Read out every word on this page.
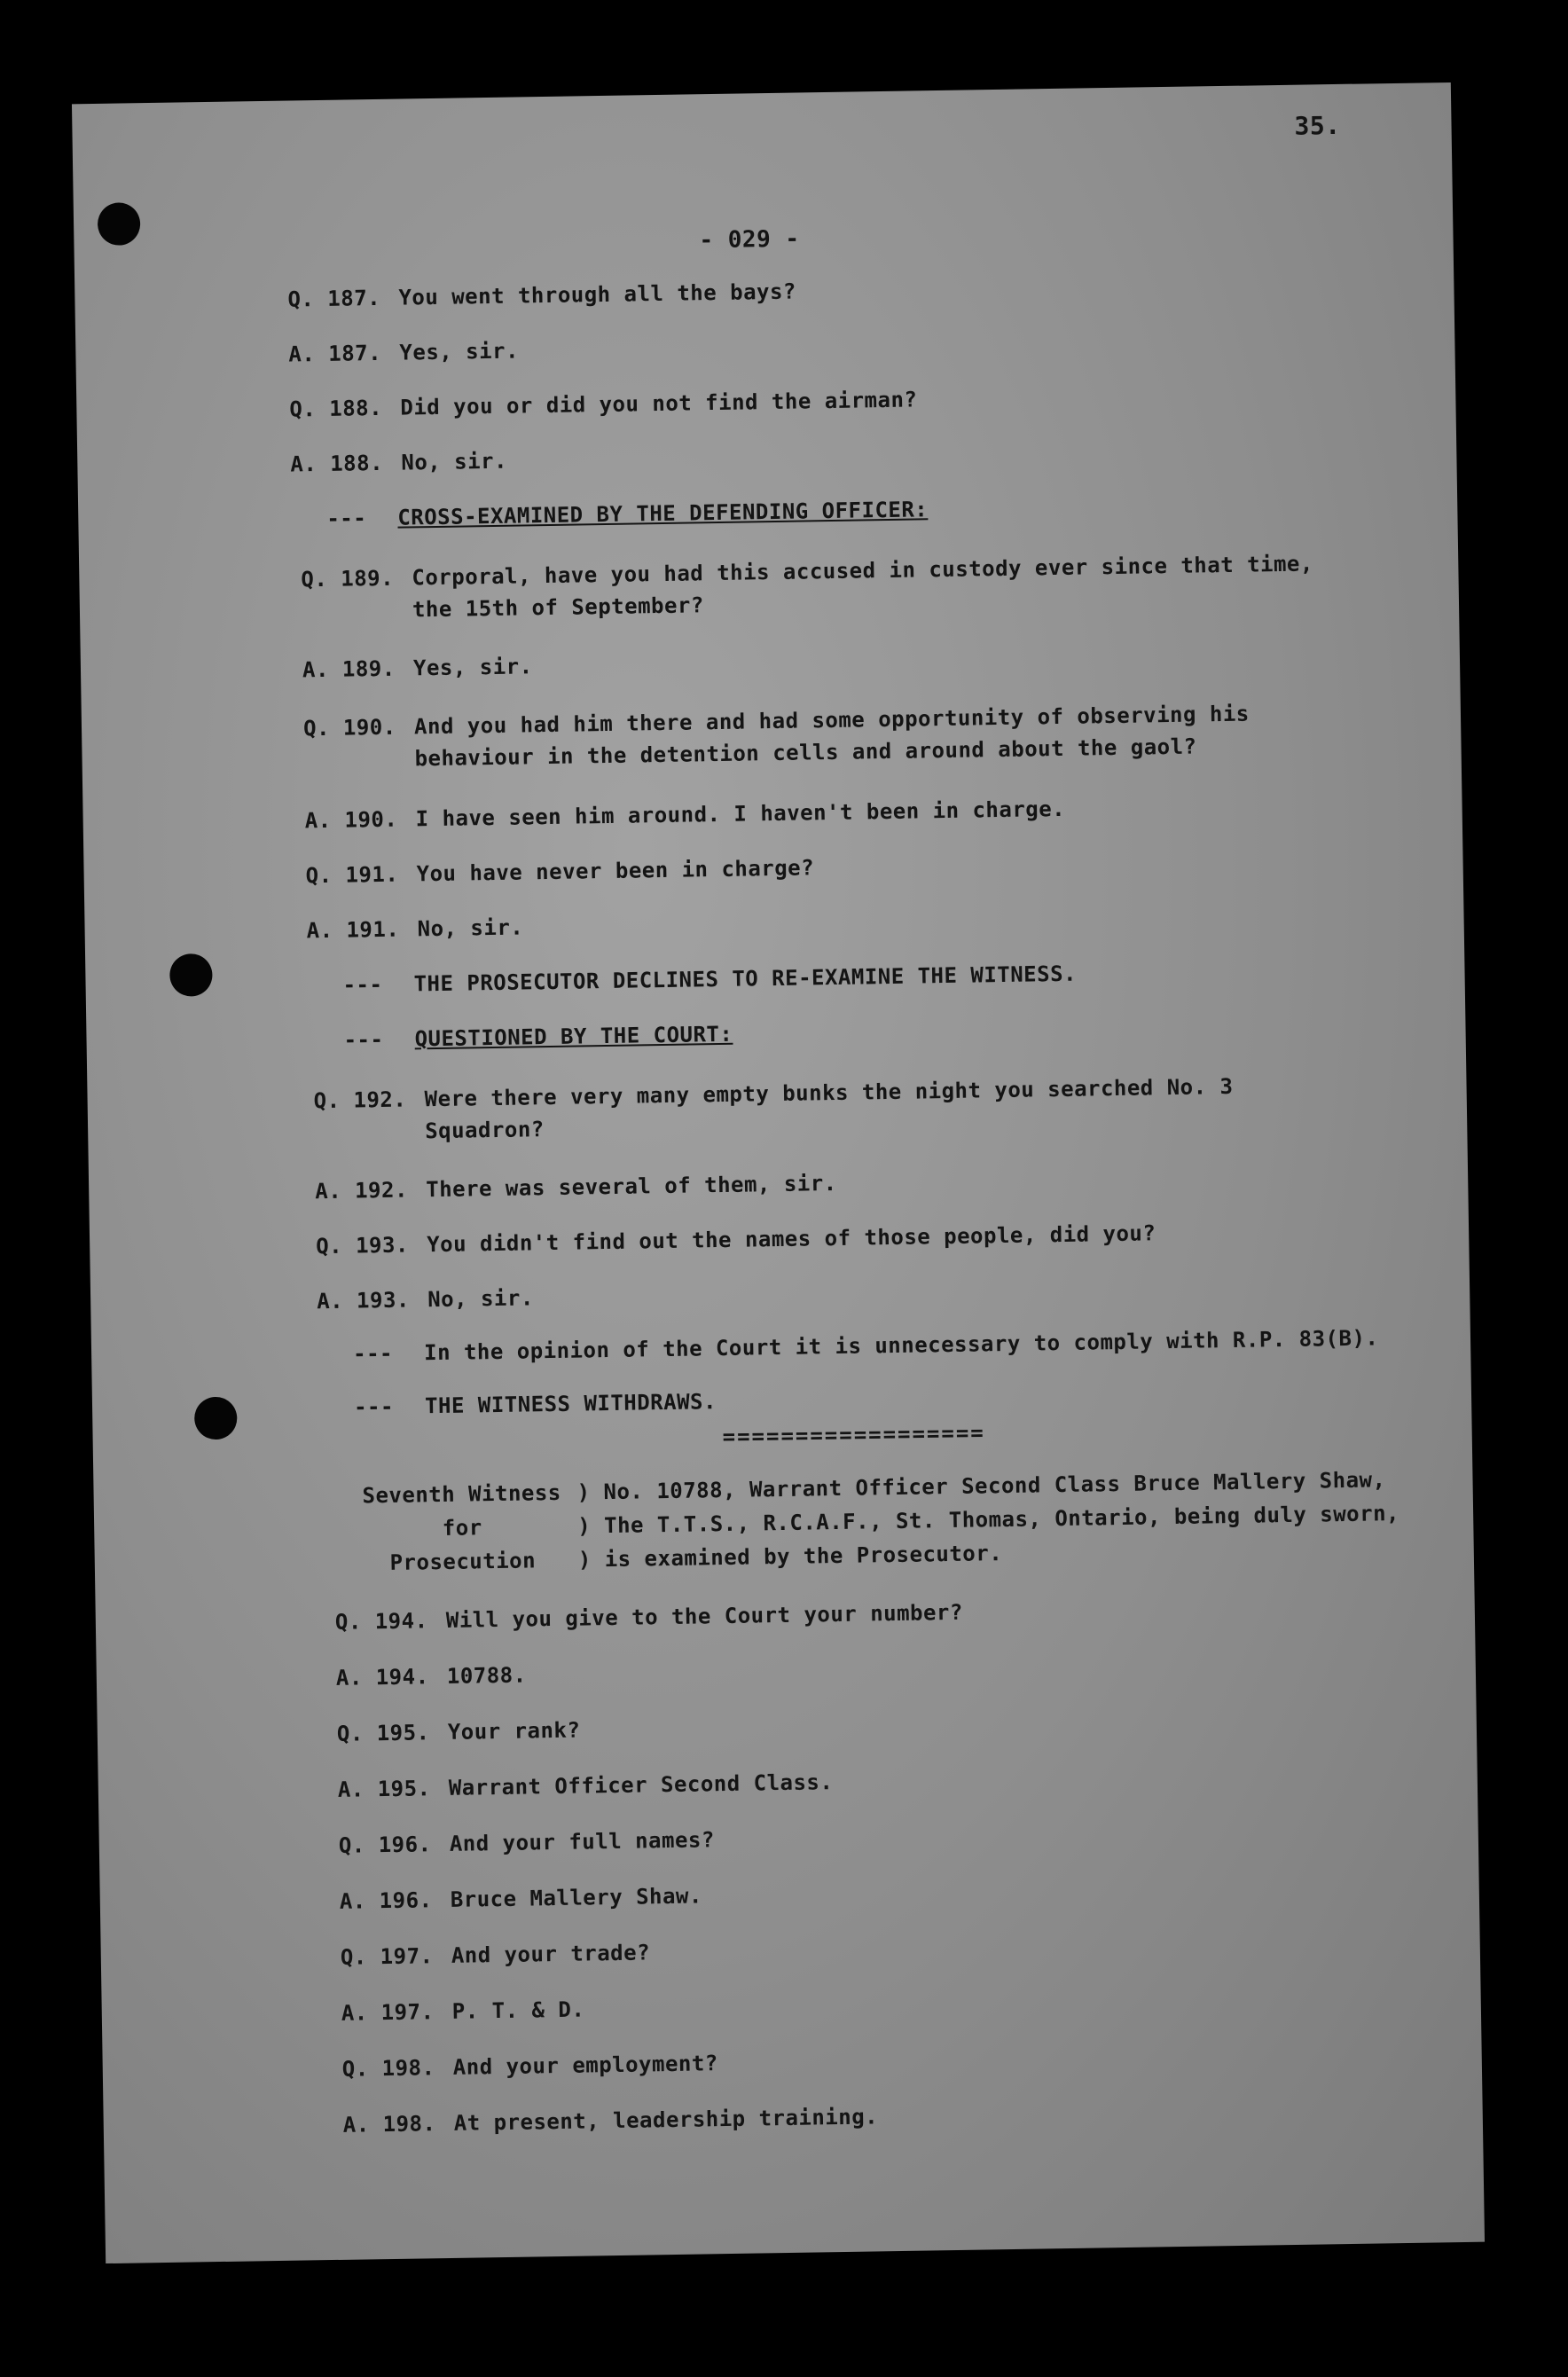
35.
- 029 -
Q. 187. You went through all the bays?
A. 187. Yes, sir.
Q. 188. Did you or did you not find the airman?
A. 188. No, sir.
--- CROSS-EXAMINED BY THE DEFENDING OFFICER:
Q. 189. Corporal, have you had this accused in custody ever since that time,
the 15th of September?
A. 189. Yes, sir.
Q. 190. And you had him there and had some opportunity of observing his
behaviour in the detention cells and around about the gaol?
A. 190. I have seen him around. I haven't been in charge.
Q. 191. You have never been in charge?
A. 191. No, sir.
--- THE PROSECUTOR DECLINES TO RE-EXAMINE THE WITNESS.
--- QUESTIONED BY THE COURT:
Q. 192. Were there very many empty bunks the night you searched No. 3
Squadron?
A. 192. There was several of them, sir.
Q. 193. You didn't find out the names of those people, did you?
A. 193. No, sir.
--- In the opinion of the Court it is unnecessary to comply with R.P. 83(B).
--- THE WITNESS WITHDRAWS.
==================
Seventh Witness
for
Prosecution
) No. 10788, Warrant Officer Second Class Bruce Mallery Shaw,
) The T.T.S., R.C.A.F., St. Thomas, Ontario, being duly sworn,
) is examined by the Prosecutor.
Q. 194. Will you give to the Court your number?
A. 194. 10788.
Q. 195. Your rank?
A. 195. Warrant Officer Second Class.
Q. 196. And your full names?
A. 196. Bruce Mallery Shaw.
Q. 197. And your trade?
A. 197. P. T. & D.
Q. 198. And your employment?
A. 198. At present, leadership training.
